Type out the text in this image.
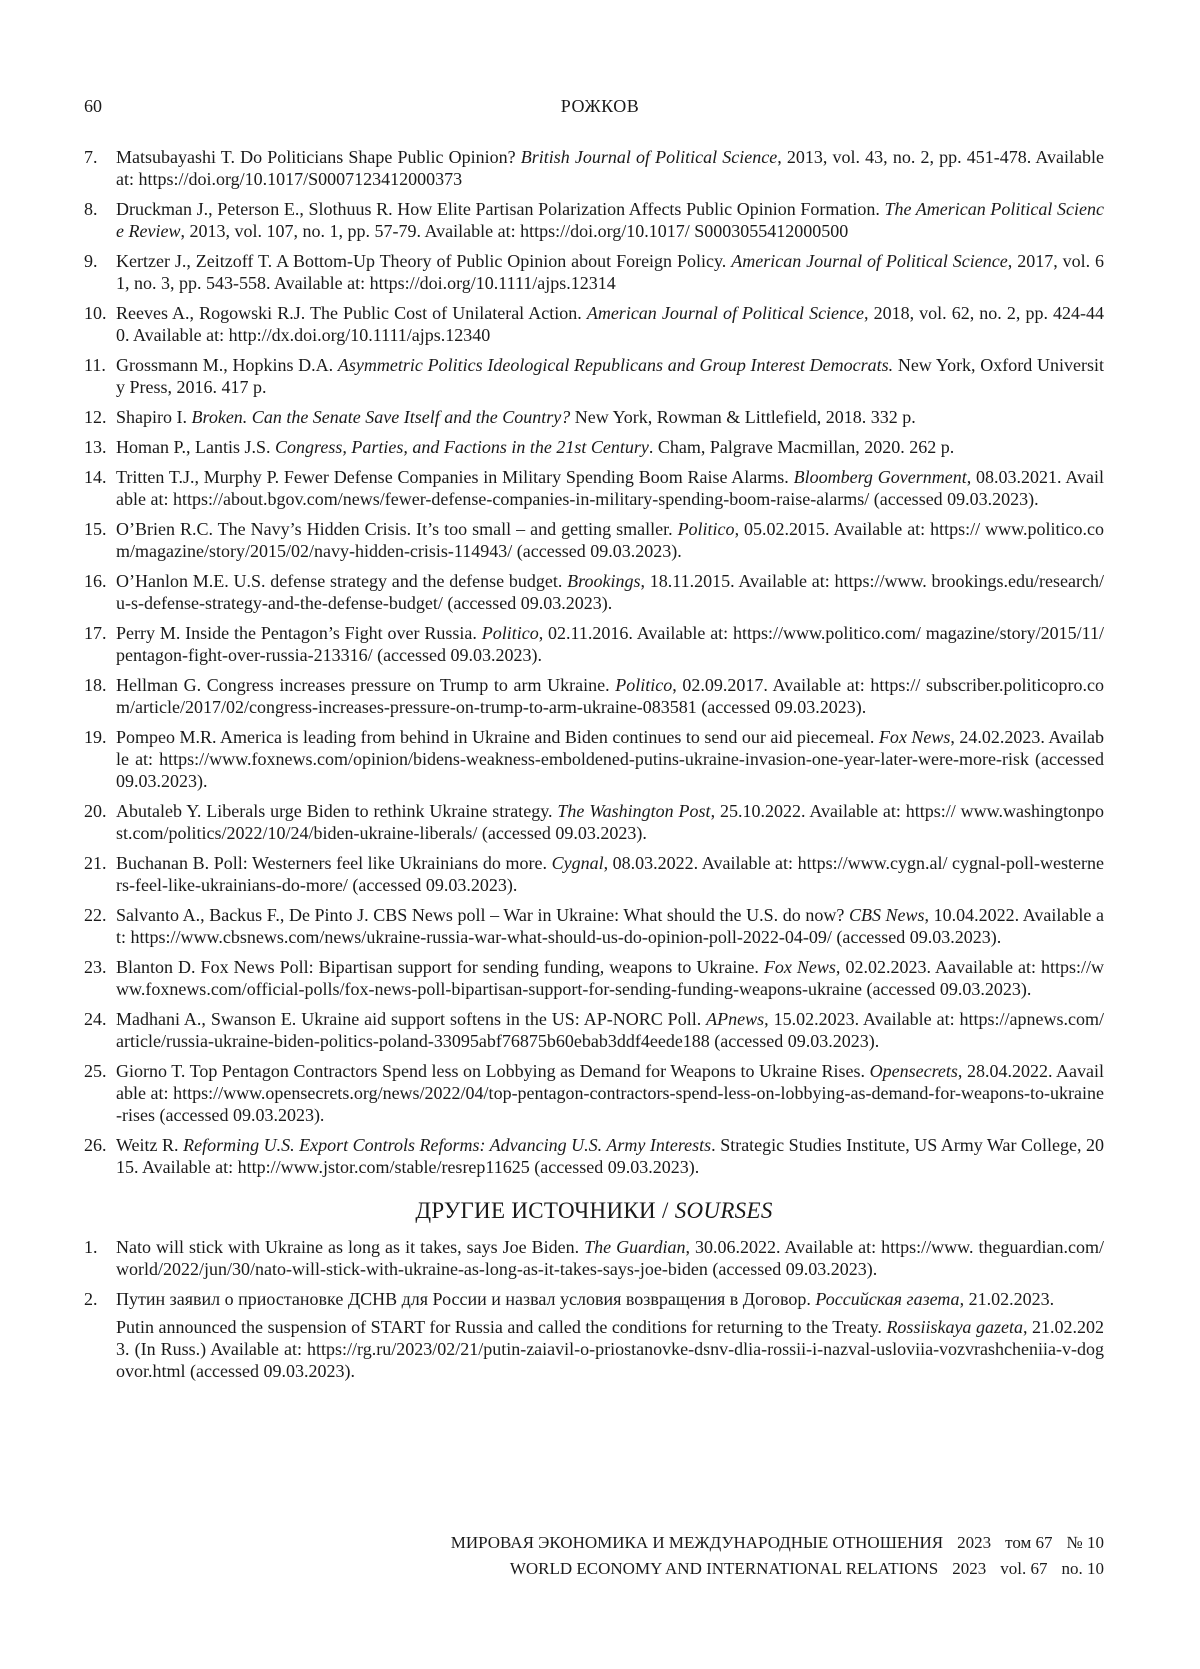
60	РОЖКОВ
7.	Matsubayashi T. Do Politicians Shape Public Opinion? British Journal of Political Science, 2013, vol. 43, no. 2, pp. 451-478. Available at: https://doi.org/10.1017/S0007123412000373
8.	Druckman J., Peterson E., Slothuus R. How Elite Partisan Polarization Affects Public Opinion Formation. The American Political Science Review, 2013, vol. 107, no. 1, pp. 57-79. Available at: https://doi.org/10.1017/ S0003055412000500
9.	Kertzer J., Zeitzoff T. A Bottom-Up Theory of Public Opinion about Foreign Policy. American Journal of Political Science, 2017, vol. 61, no. 3, pp. 543-558. Available at: https://doi.org/10.1111/ajps.12314
10. Reeves A., Rogowski R.J. The Public Cost of Unilateral Action. American Journal of Political Science, 2018, vol. 62, no. 2, pp. 424-440. Available at: http://dx.doi.org/10.1111/ajps.12340
11. Grossmann M., Hopkins D.A. Asymmetric Politics Ideological Republicans and Group Interest Democrats. New York, Oxford University Press, 2016. 417 p.
12. Shapiro I. Broken. Can the Senate Save Itself and the Country? New York, Rowman & Littlefield, 2018. 332 p.
13. Homan P., Lantis J.S. Congress, Parties, and Factions in the 21st Century. Cham, Palgrave Macmillan, 2020. 262 p.
14. Tritten T.J., Murphy P. Fewer Defense Companies in Military Spending Boom Raise Alarms. Bloomberg Government, 08.03.2021. Available at: https://about.bgov.com/news/fewer-defense-companies-in-military-spending-boom-raise-alarms/ (accessed 09.03.2023).
15. O’Brien R.C. The Navy’s Hidden Crisis. It’s too small – and getting smaller. Politico, 05.02.2015. Available at: https:// www.politico.com/magazine/story/2015/02/navy-hidden-crisis-114943/ (accessed 09.03.2023).
16. O’Hanlon M.E. U.S. defense strategy and the defense budget. Brookings, 18.11.2015. Available at: https://www. brookings.edu/research/u-s-defense-strategy-and-the-defense-budget/ (accessed 09.03.2023).
17. Perry M. Inside the Pentagon’s Fight over Russia. Politico, 02.11.2016. Available at: https://www.politico.com/ magazine/story/2015/11/pentagon-fight-over-russia-213316/ (accessed 09.03.2023).
18. Hellman G. Congress increases pressure on Trump to arm Ukraine. Politico, 02.09.2017. Available at: https:// subscriber.politicopro.com/article/2017/02/congress-increases-pressure-on-trump-to-arm-ukraine-083581 (accessed 09.03.2023).
19. Pompeo M.R. America is leading from behind in Ukraine and Biden continues to send our aid piecemeal. Fox News, 24.02.2023. Available at: https://www.foxnews.com/opinion/bidens-weakness-emboldened-putins-ukraine-invasion-one-year-later-were-more-risk (accessed 09.03.2023).
20. Abutaleb Y. Liberals urge Biden to rethink Ukraine strategy. The Washington Post, 25.10.2022. Available at: https:// www.washingtonpost.com/politics/2022/10/24/biden-ukraine-liberals/ (accessed 09.03.2023).
21. Buchanan B. Poll: Westerners feel like Ukrainians do more. Cygnal, 08.03.2022. Available at: https://www.cygn.al/ cygnal-poll-westerners-feel-like-ukrainians-do-more/ (accessed 09.03.2023).
22. Salvanto A., Backus F., De Pinto J. CBS News poll – War in Ukraine: What should the U.S. do now? CBS News, 10.04.2022. Available at: https://www.cbsnews.com/news/ukraine-russia-war-what-should-us-do-opinion-poll-2022-04-09/ (accessed 09.03.2023).
23. Blanton D. Fox News Poll: Bipartisan support for sending funding, weapons to Ukraine. Fox News, 02.02.2023. Aavailable at: https://www.foxnews.com/official-polls/fox-news-poll-bipartisan-support-for-sending-funding-weapons-ukraine (accessed 09.03.2023).
24. Madhani A., Swanson E. Ukraine aid support softens in the US: AP-NORC Poll. APnews, 15.02.2023. Available at: https://apnews.com/article/russia-ukraine-biden-politics-poland-33095abf76875b60ebab3ddf4eede188 (accessed 09.03.2023).
25. Giorno T. Top Pentagon Contractors Spend less on Lobbying as Demand for Weapons to Ukraine Rises. Opensecrets, 28.04.2022. Aavailable at: https://www.opensecrets.org/news/2022/04/top-pentagon-contractors-spend-less-on-lobbying-as-demand-for-weapons-to-ukraine-rises (accessed 09.03.2023).
26. Weitz R. Reforming U.S. Export Controls Reforms: Advancing U.S. Army Interests. Strategic Studies Institute, US Army War College, 2015. Available at: http://www.jstor.com/stable/resrep11625 (accessed 09.03.2023).
ДРУГИЕ ИСТОЧНИКИ / SOURSES
1.	Nato will stick with Ukraine as long as it takes, says Joe Biden. The Guardian, 30.06.2022. Available at: https://www. theguardian.com/world/2022/jun/30/nato-will-stick-with-ukraine-as-long-as-it-takes-says-joe-biden (accessed 09.03.2023).
2.	Путин заявил о приостановке ДСНВ для России и назвал условия возвращения в Договор. Российская газета, 21.02.2023.
Putin announced the suspension of START for Russia and called the conditions for returning to the Treaty. Rossiiskaya gazeta, 21.02.2023. (In Russ.) Available at: https://rg.ru/2023/02/21/putin-zaiavil-o-priostanovke-dsnv-dlia-rossii-i-nazval-usloviia-vozvrashcheniia-v-dogovor.html (accessed 09.03.2023).
МИРОВАЯ ЭКОНОМИКА И МЕЖДУНАРОДНЫЕ ОТНОШЕНИЯ 2023 том 67 № 10
WORLD ECONOMY AND INTERNATIONAL RELATIONS 2023 vol. 67 no. 10
